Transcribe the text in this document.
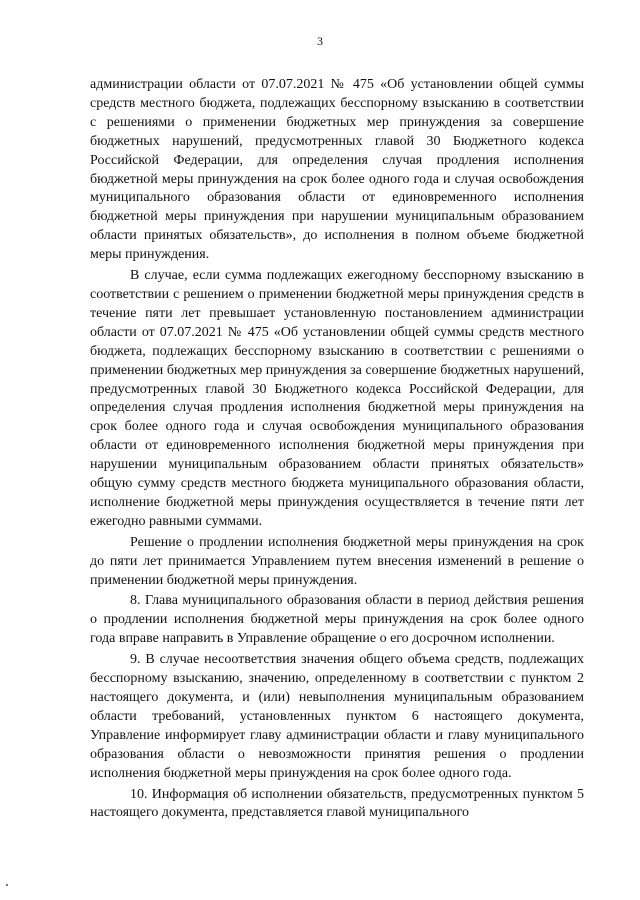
3

администрации области от 07.07.2021 № 475 «Об установлении общей суммы средств местного бюджета, подлежащих бесспорному взысканию в соответствии с решениями о применении бюджетных мер принуждения за совершение бюджетных нарушений, предусмотренных главой 30 Бюджетного кодекса Российской Федерации, для определения случая продления исполнения бюджетной меры принуждения на срок более одного года и случая освобождения муниципального образования области от единовременного исполнения бюджетной меры принуждения при нарушении муниципальным образованием области принятых обязательств», до исполнения в полном объеме бюджетной меры принуждения.

В случае, если сумма подлежащих ежегодному бесспорному взысканию в соответствии с решением о применении бюджетной меры принуждения средств в течение пяти лет превышает установленную постановлением администрации области от 07.07.2021 № 475 «Об установлении общей суммы средств местного бюджета, подлежащих бесспорному взысканию в соответствии с решениями о применении бюджетных мер принуждения за совершение бюджетных нарушений, предусмотренных главой 30 Бюджетного кодекса Российской Федерации, для определения случая продления исполнения бюджетной меры принуждения на срок более одного года и случая освобождения муниципального образования области от единовременного исполнения бюджетной меры принуждения при нарушении муниципальным образованием области принятых обязательств» общую сумму средств местного бюджета муниципального образования области, исполнение бюджетной меры принуждения осуществляется в течение пяти лет ежегодно равными суммами.

Решение о продлении исполнения бюджетной меры принуждения на срок до пяти лет принимается Управлением путем внесения изменений в решение о применении бюджетной меры принуждения.

8. Глава муниципального образования области в период действия решения о продлении исполнения бюджетной меры принуждения на срок более одного года вправе направить в Управление обращение о его досрочном исполнении.

9. В случае несоответствия значения общего объема средств, подлежащих бесспорному взысканию, значению, определенному в соответствии с пунктом 2 настоящего документа, и (или) невыполнения муниципальным образованием области требований, установленных пунктом 6 настоящего документа, Управление информирует главу администрации области и главу муниципального образования области о невозможности принятия решения о продлении исполнения бюджетной меры принуждения на срок более одного года.

10. Информация об исполнении обязательств, предусмотренных пунктом 5 настоящего документа, представляется главой муниципального
